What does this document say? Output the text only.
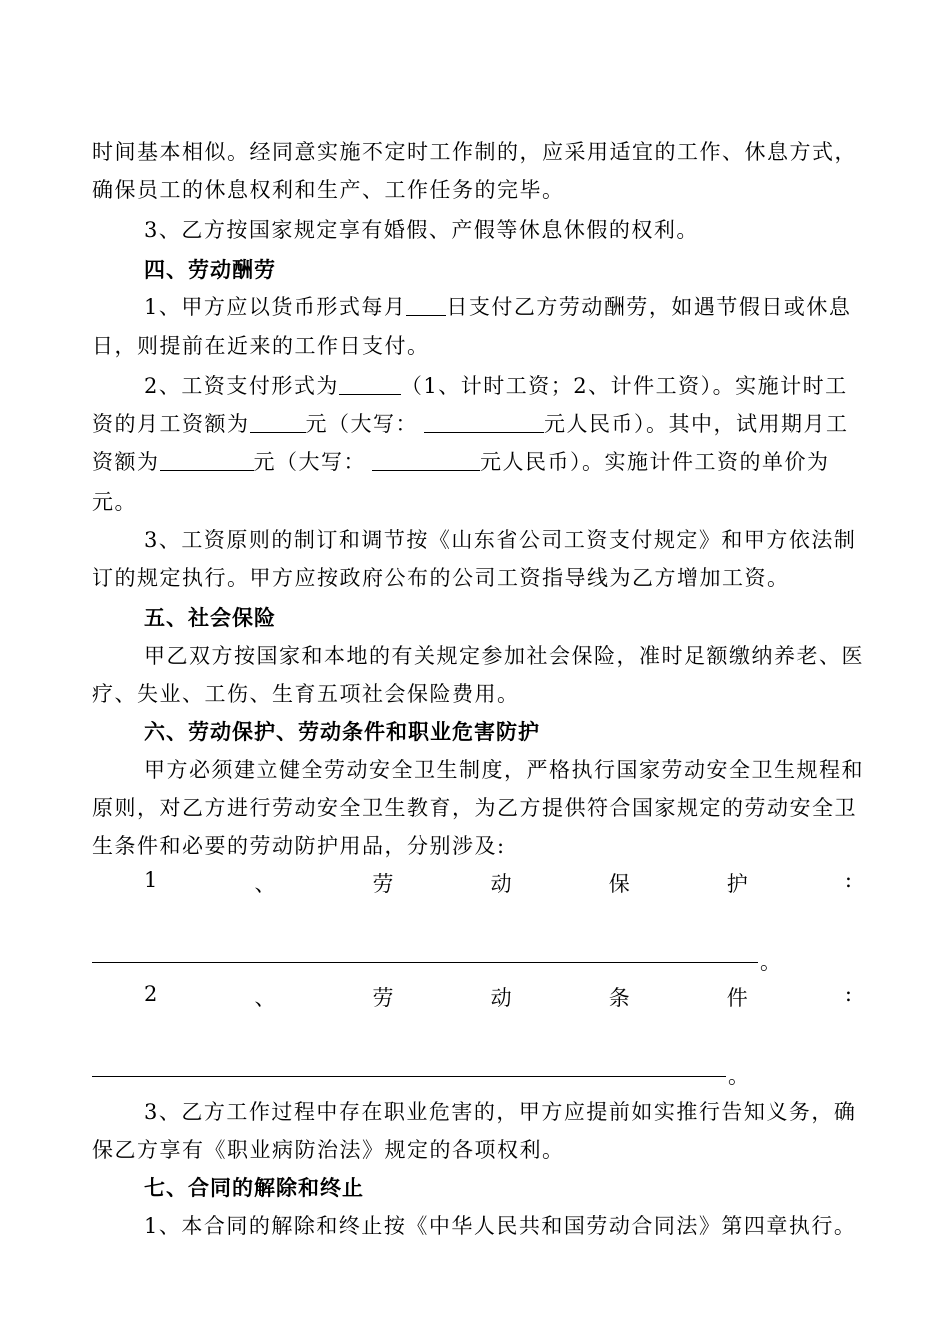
时间基本相似。经同意实施不定时工作制的，应采用适宜的工作、休息方式，
确保员工的休息权利和生产、工作任务的完毕。
3、乙方按国家规定享有婚假、产假等休息休假的权利。
四、劳动酬劳
1、甲方应以货币形式每月 日支付乙方劳动酬劳，如遇节假日或休息
日，则提前在近来的工作日支付。
2、工资支付形式为	（1、计时工资；2、计件工资）。实施计时工
资的月工资额为	元（大写：	元人民币）。其中，试用期月工
资额为	元（大写：	元人民币）。实施计件工资的单价为
元。
3、工资原则的制订和调节按《山东省公司工资支付规定》和甲方依法制
订的规定执行。甲方应按政府公布的公司工资指导线为乙方增加工资。
五、社会保险
甲乙双方按国家和本地的有关规定参加社会保险，准时足额缴纳养老、医
疗、失业、工伤、生育五项社会保险费用。
六、劳动保护、劳动条件和职业危害防护
甲方必须建立健全劳动安全卫生制度，严格执行国家劳动安全卫生规程和
原则，对乙方进行劳动安全卫生教育，为乙方提供符合国家规定的劳动安全卫
生条件和必要的劳动防护用品，分别涉及:
1	、	劳	动	保	护	:
。
2	、	劳	动	条	件	:
。
3、乙方工作过程中存在职业危害的，甲方应提前如实推行告知义务，确
保乙方享有《职业病防治法》规定的各项权利。
七、合同的解除和终止
1、本合同的解除和终止按《中华人民共和国劳动合同法》第四章执行。
